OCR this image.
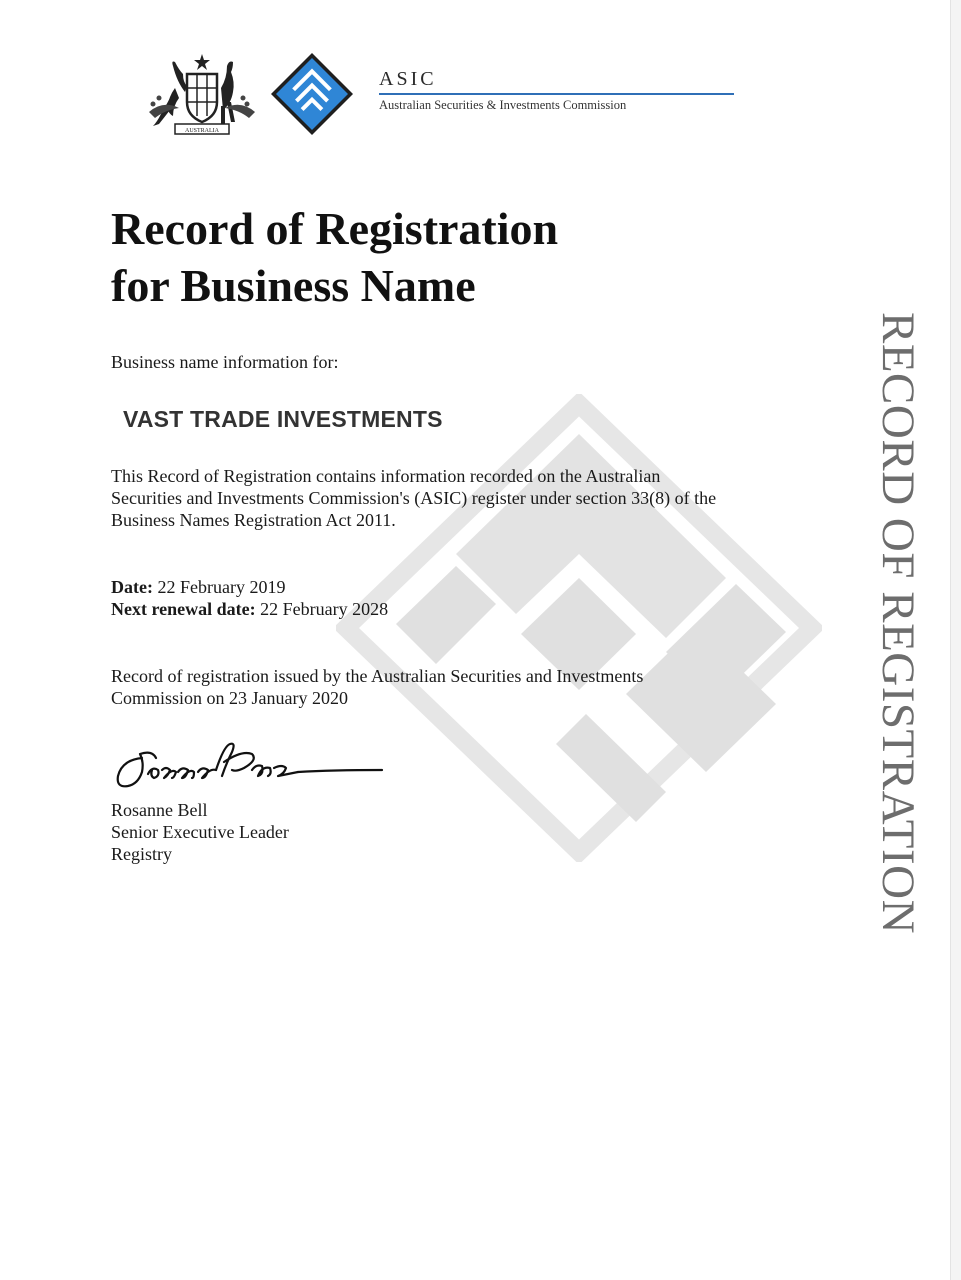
AUSTRALIA
ASIC
Australian Securities & Investments Commission
Record of Registration
for Business Name
Business name information for:
VAST TRADE INVESTMENTS
This Record of Registration contains information recorded on the Australian
Securities and Investments Commission's (ASIC) register under section 33(8) of the
Business Names Registration Act 2011.
Date: 22 February 2019
Next renewal date: 22 February 2028
Record of registration issued by the Australian Securities and Investments
Commission on 23 January 2020
Rosanne Bell
Senior Executive Leader
Registry	RECORD OF REGISTRATION
